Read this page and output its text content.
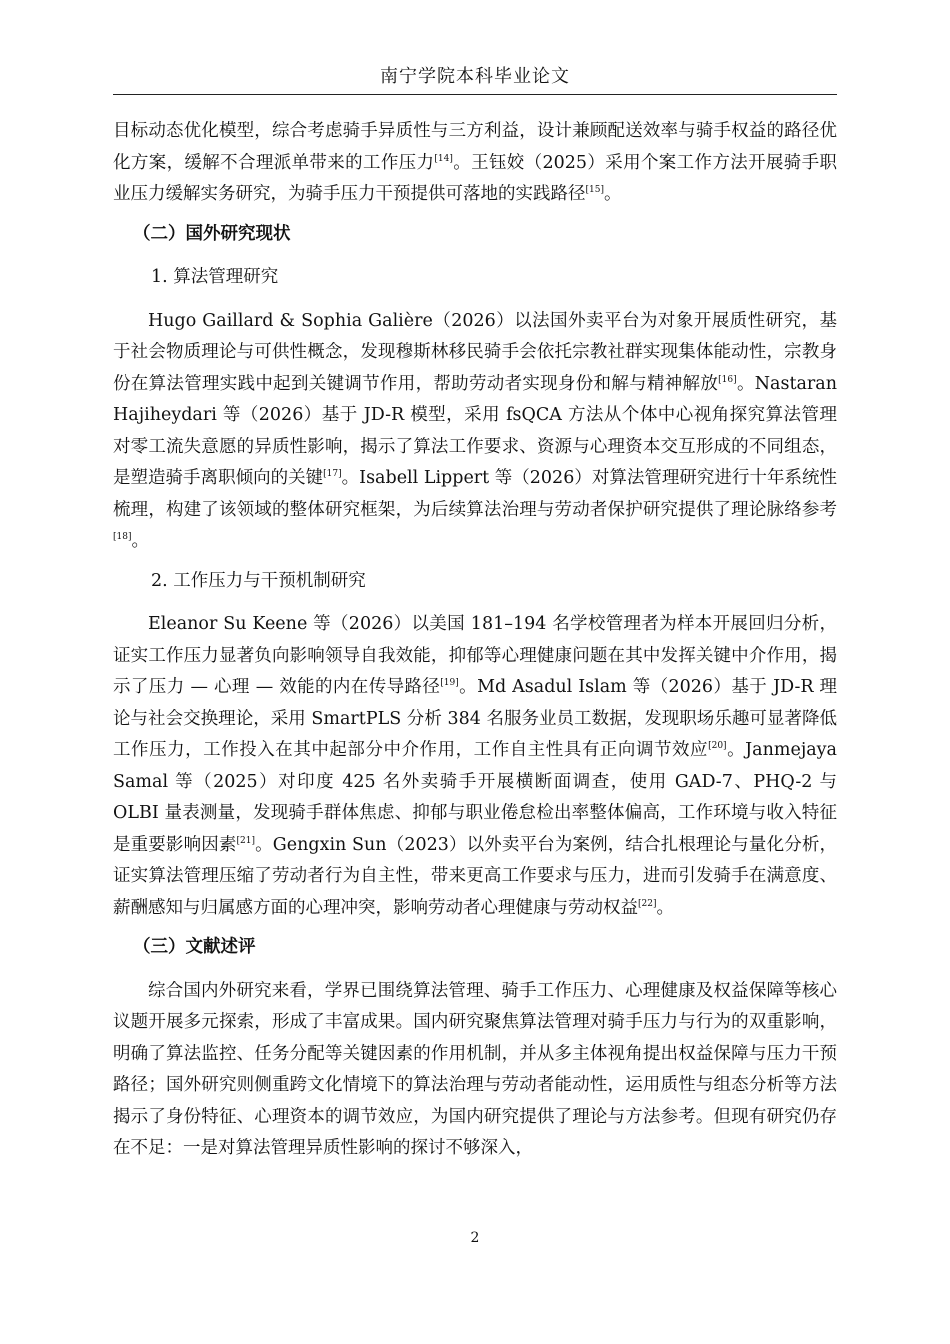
南宁学院本科毕业论文

目标动态优化模型，综合考虑骑手异质性与三方利益，设计兼顾配送效率与骑手权益的路径优化方案，缓解不合理派单带来的工作压力[14]。王钰姣（2025）采用个案工作方法开展骑手职业压力缓解实务研究，为骑手压力干预提供可落地的实践路径[15]。

（二）国外研究现状
1. 算法管理研究

Hugo Gaillard & Sophia Galière（2026）以法国外卖平台为对象开展质性研究，基于社会物质理论与可供性概念，发现穆斯林移民骑手会依托宗教社群实现集体能动性，宗教身份在算法管理实践中起到关键调节作用，帮助劳动者实现身份和解与精神解放[16]。Nastaran Hajiheydari 等（2026）基于 JD-R 模型，采用 fsQCA 方法从个体中心视角探究算法管理对零工流失意愿的异质性影响，揭示了算法工作要求、资源与心理资本交互形成的不同组态，是塑造骑手离职倾向的关键[17]。Isabell Lippert 等（2026）对算法管理研究进行十年系统性梳理，构建了该领域的整体研究框架，为后续算法治理与劳动者保护研究提供了理论脉络参考[18]。

2. 工作压力与干预机制研究

Eleanor Su Keene 等（2026）以美国 181–194 名学校管理者为样本开展回归分析，证实工作压力显著负向影响领导自我效能，抑郁等心理健康问题在其中发挥关键中介作用，揭示了压力 — 心理 — 效能的内在传导路径[19]。Md Asadul Islam 等（2026）基于 JD-R 理论与社会交换理论，采用 SmartPLS 分析 384 名服务业员工数据，发现职场乐趣可显著降低工作压力，工作投入在其中起部分中介作用，工作自主性具有正向调节效应[20]。Janmejaya Samal 等（2025）对印度 425 名外卖骑手开展横断面调查，使用 GAD-7、PHQ-2 与 OLBI 量表测量，发现骑手群体焦虑、抑郁与职业倦怠检出率整体偏高，工作环境与收入特征是重要影响因素[21]。Gengxin Sun（2023）以外卖平台为案例，结合扎根理论与量化分析，证实算法管理压缩了劳动者行为自主性，带来更高工作要求与压力，进而引发骑手在满意度、薪酬感知与归属感方面的心理冲突，影响劳动者心理健康与劳动权益[22]。

（三）文献述评

综合国内外研究来看，学界已围绕算法管理、骑手工作压力、心理健康及权益保障等核心议题开展多元探索，形成了丰富成果。国内研究聚焦算法管理对骑手压力与行为的双重影响，明确了算法监控、任务分配等关键因素的作用机制，并从多主体视角提出权益保障与压力干预路径；国外研究则侧重跨文化情境下的算法治理与劳动者能动性，运用质性与组态分析等方法揭示了身份特征、心理资本的调节效应，为国内研究提供了理论与方法参考。但现有研究仍存在不足：一是对算法管理异质性影响的探讨不够深入，

2
